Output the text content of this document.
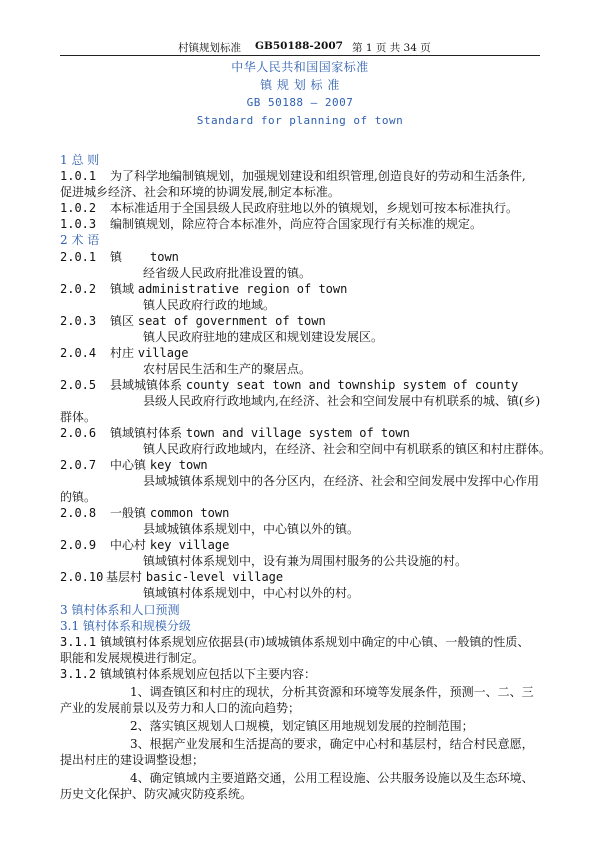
村镇规划标准 GB50188-2007 第 1 页 共 34 页
中华人民共和国国家标准
镇 规 划 标 准
GB 50188 — 2007
Standard for planning of town
1 总 则
1.0.1 为了科学地编制镇规划，加强规划建设和组织管理,创造良好的劳动和生活条件,
促进城乡经济、社会和环境的协调发展,制定本标准。
1.0.2 本标准适用于全国县级人民政府驻地以外的镇规划，乡规划可按本标准执行。
1.0.3 编制镇规划，除应符合本标准外，尚应符合国家现行有关标准的规定。
2 术 语
2.0.1 镇 town
经省级人民政府批准设置的镇。
2.0.2 镇域 administrative region of town
镇人民政府行政的地域。
2.0.3 镇区 seat of government of town
镇人民政府驻地的建成区和规划建设发展区。
2.0.4 村庄 village
农村居民生活和生产的聚居点。
2.0.5 县域城镇体系 county seat town and township system of county
县级人民政府行政地域内,在经济、社会和空间发展中有机联系的城、镇(乡)
群体。
2.0.6 镇域镇村体系 town and village system of town
镇人民政府行政地域内，在经济、社会和空间中有机联系的镇区和村庄群体。
2.0.7 中心镇 key town
县域城镇体系规划中的各分区内，在经济、社会和空间发展中发挥中心作用
的镇。
2.0.8 一般镇 common town
县域城镇体系规划中，中心镇以外的镇。
2.0.9 中心村 key village
镇域镇村体系规划中，设有兼为周围村服务的公共设施的村。
2.0.10 基层村 basic-level village
镇域镇村体系规划中，中心村以外的村。
3 镇村体系和人口预测
3.1 镇村体系和规模分级
3.1.1 镇域镇村体系规划应依据县(市)域城镇体系规划中确定的中心镇、一般镇的性质、
职能和发展规模进行制定。
3.1.2 镇域镇村体系规划应包括以下主要内容：
1、调查镇区和村庄的现状，分析其资源和环境等发展条件，预测一、二、三
产业的发展前景以及劳力和人口的流向趋势；
2、落实镇区规划人口规模，划定镇区用地规划发展的控制范围；
3、根据产业发展和生活提高的要求，确定中心村和基层村，结合村民意愿，
提出村庄的建设调整设想；
4、确定镇域内主要道路交通，公用工程设施、公共服务设施以及生态环境、
历史文化保护、防灾减灾防疫系统。
